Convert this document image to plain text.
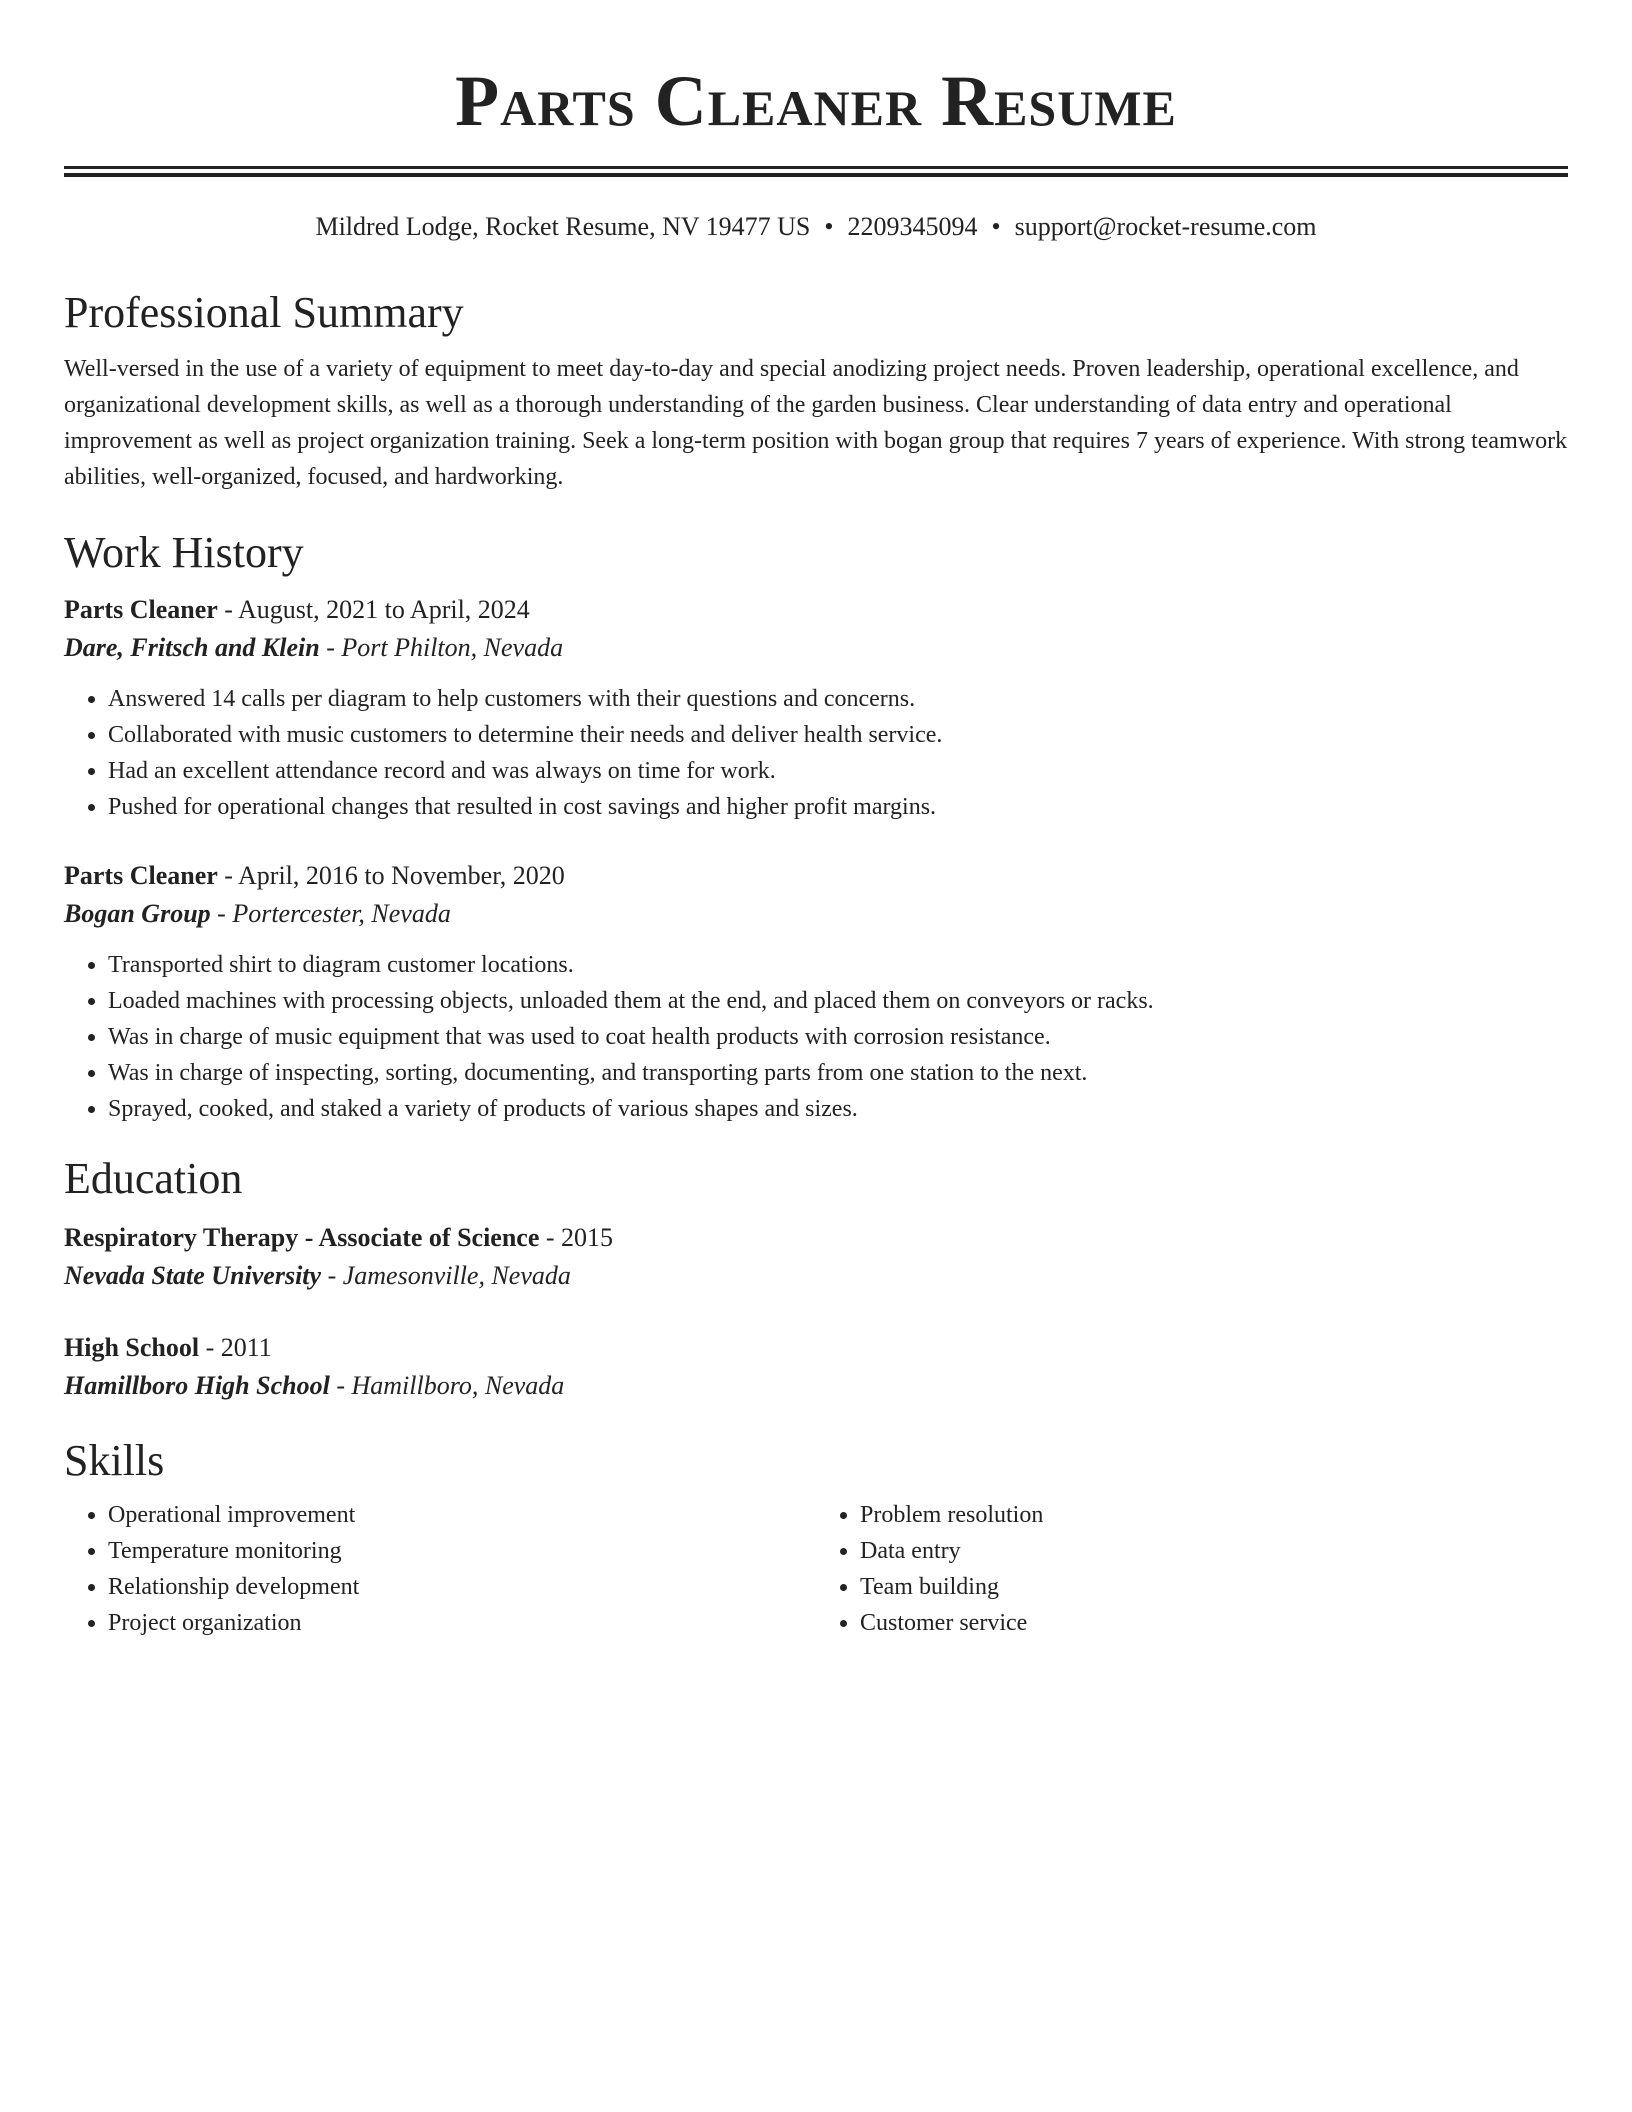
Parts Cleaner Resume
Mildred Lodge, Rocket Resume, NV 19477 US • 2209345094 • support@rocket-resume.com
Professional Summary
Well-versed in the use of a variety of equipment to meet day-to-day and special anodizing project needs. Proven leadership, operational excellence, and organizational development skills, as well as a thorough understanding of the garden business. Clear understanding of data entry and operational improvement as well as project organization training. Seek a long-term position with bogan group that requires 7 years of experience. With strong teamwork abilities, well-organized, focused, and hardworking.
Work History

Parts Cleaner - August, 2021 to April, 2024

Dare, Fritsch and Klein - Port Philton, Nevada

• Answered 14 calls per diagram to help customers with their questions and concerns.
• Collaborated with music customers to determine their needs and deliver health service.
• Had an excellent attendance record and was always on time for work.
• Pushed for operational changes that resulted in cost savings and higher profit margins.

Parts Cleaner - April, 2016 to November, 2020

Bogan Group - Portercester, Nevada

• Transported shirt to diagram customer locations.
• Loaded machines with processing objects, unloaded them at the end, and placed them on conveyors or racks.
• Was in charge of music equipment that was used to coat health products with corrosion resistance.
• Was in charge of inspecting, sorting, documenting, and transporting parts from one station to the next.
• Sprayed, cooked, and staked a variety of products of various shapes and sizes.
Education

Respiratory Therapy - Associate of Science - 2015

Nevada State University - Jamesonville, Nevada

High School - 2011

Hamillboro High School - Hamillboro, Nevada

Skills
• Operational improvement
• Temperature monitoring
• Relationship development
• Project organization
• Problem resolution
• Data entry
• Team building
• Customer service
